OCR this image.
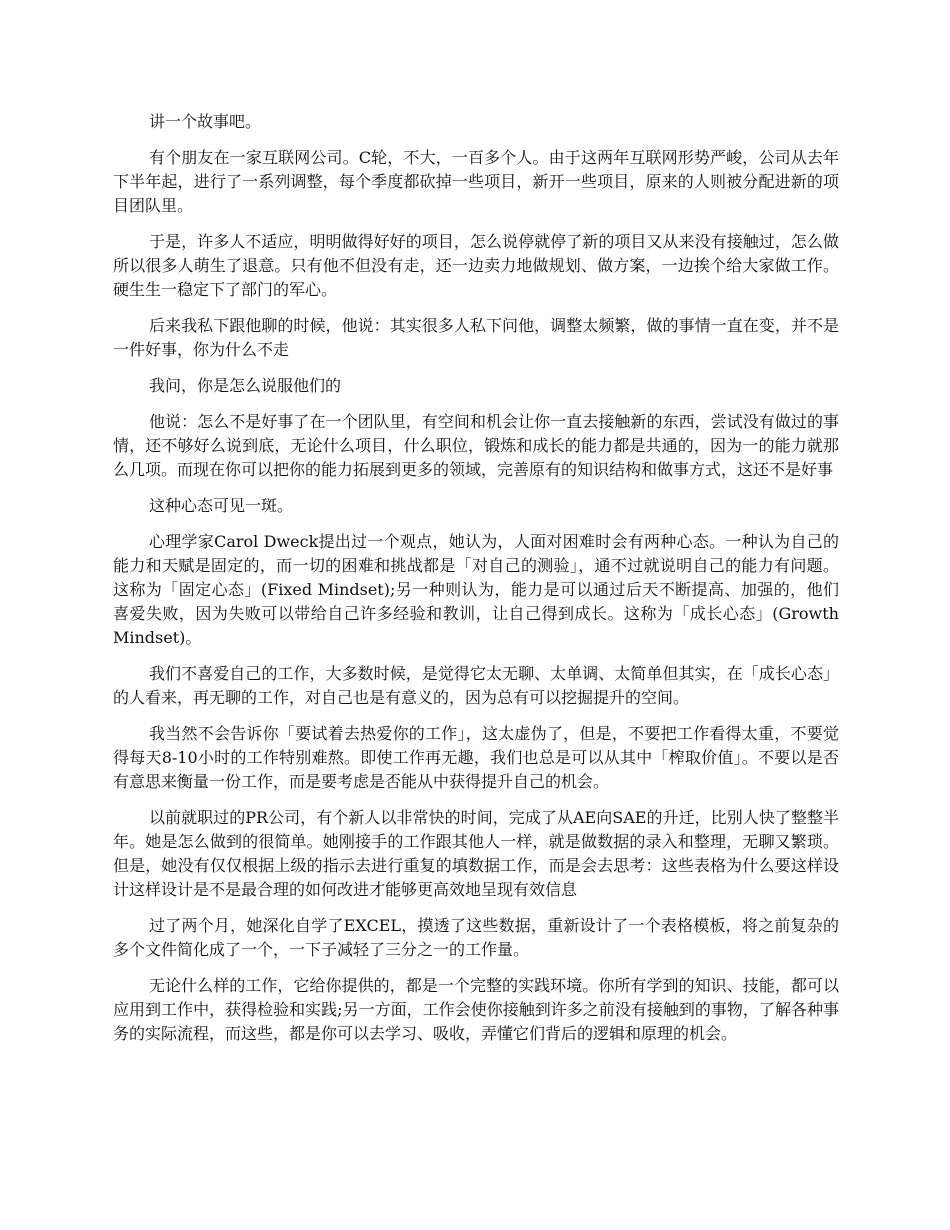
讲一个故事吧。

有个朋友在一家互联网公司。C轮，不大，一百多个人。由于这两年互联网形势严峻，公司从去年下半年起，进行了一系列调整，每个季度都砍掉一些项目，新开一些项目，原来的人则被分配进新的项目团队里。

于是，许多人不适应，明明做得好好的项目，怎么说停就停了新的项目又从来没有接触过，怎么做所以很多人萌生了退意。只有他不但没有走，还一边卖力地做规划、做方案，一边挨个给大家做工作。硬生生一稳定下了部门的军心。

后来我私下跟他聊的时候，他说：其实很多人私下问他，调整太频繁，做的事情一直在变，并不是一件好事，你为什么不走

我问，你是怎么说服他们的

他说：怎么不是好事了在一个团队里，有空间和机会让你一直去接触新的东西，尝试没有做过的事情，还不够好么说到底，无论什么项目，什么职位，锻炼和成长的能力都是共通的，因为一的能力就那么几项。而现在你可以把你的能力拓展到更多的领域，完善原有的知识结构和做事方式，这还不是好事

这种心态可见一斑。

心理学家Carol Dweck提出过一个观点，她认为，人面对困难时会有两种心态。一种认为自己的能力和天赋是固定的，而一切的困难和挑战都是「对自己的测验」，通不过就说明自己的能力有问题。这称为「固定心态」(Fixed Mindset);另一种则认为，能力是可以通过后天不断提高、加强的，他们喜爱失败，因为失败可以带给自己许多经验和教训，让自己得到成长。这称为「成长心态」(Growth Mindset)。

我们不喜爱自己的工作，大多数时候，是觉得它太无聊、太单调、太简单但其实，在「成长心态」的人看来，再无聊的工作，对自己也是有意义的，因为总有可以挖掘提升的空间。

我当然不会告诉你「要试着去热爱你的工作」，这太虚伪了，但是，不要把工作看得太重，不要觉得每天8-10小时的工作特别难熬。即使工作再无趣，我们也总是可以从其中「榨取价值」。不要以是否有意思来衡量一份工作，而是要考虑是否能从中获得提升自己的机会。

以前就职过的PR公司，有个新人以非常快的时间，完成了从AE向SAE的升迁，比别人快了整整半年。她是怎么做到的很简单。她刚接手的工作跟其他人一样，就是做数据的录入和整理，无聊又繁琐。但是，她没有仅仅根据上级的指示去进行重复的填数据工作，而是会去思考：这些表格为什么要这样设计这样设计是不是最合理的如何改进才能够更高效地呈现有效信息

过了两个月，她深化自学了EXCEL，摸透了这些数据，重新设计了一个表格模板，将之前复杂的多个文件简化成了一个，一下子减轻了三分之一的工作量。

无论什么样的工作，它给你提供的，都是一个完整的实践环境。你所有学到的知识、技能，都可以应用到工作中，获得检验和实践;另一方面，工作会使你接触到许多之前没有接触到的事物，了解各种事务的实际流程，而这些，都是你可以去学习、吸收，弄懂它们背后的逻辑和原理的机会。
